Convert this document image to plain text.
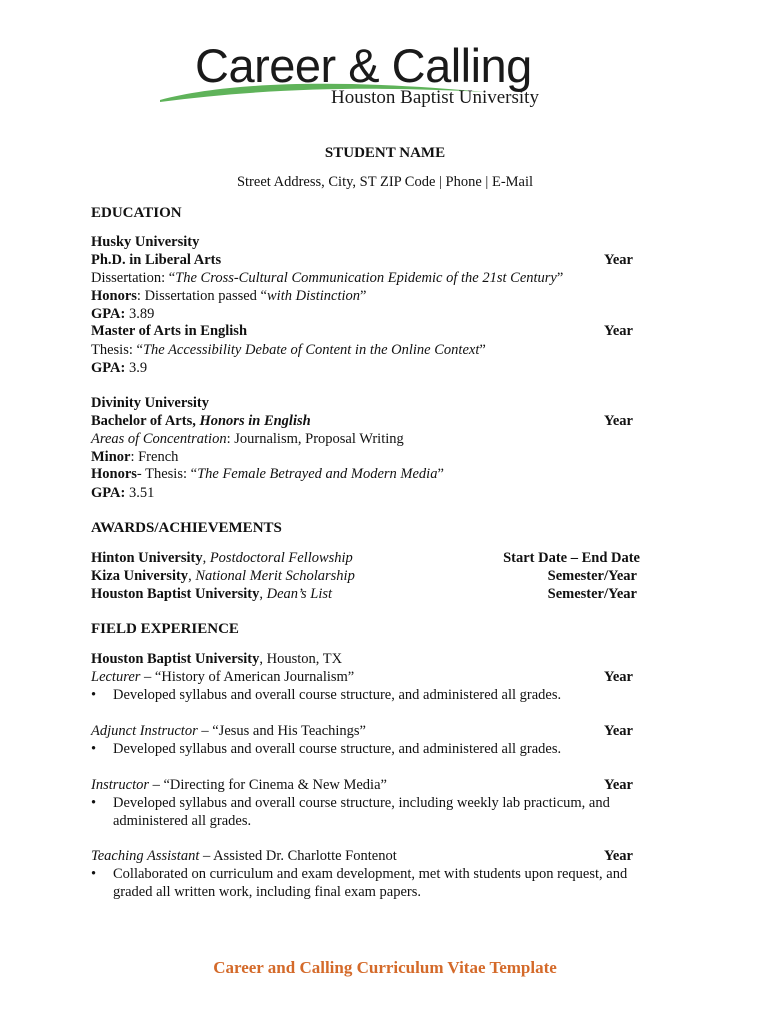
Career & Calling
Houston Baptist University
STUDENT NAME
Street Address, City, ST ZIP Code | Phone | E-Mail
EDUCATION
Husky University
Ph.D. in Liberal Arts	Year
Dissertation: “The Cross-Cultural Communication Epidemic of the 21st Century”
Honors: Dissertation passed “with Distinction”
GPA: 3.89
Master of Arts in English	Year
Thesis: “The Accessibility Debate of Content in the Online Context”
GPA: 3.9
Divinity University
Bachelor of Arts, Honors in English	Year
Areas of Concentration: Journalism, Proposal Writing
Minor: French
Honors- Thesis: “The Female Betrayed and Modern Media”
GPA: 3.51
AWARDS/ACHIEVEMENTS
Hinton University, Postdoctoral Fellowship	Start Date – End Date
Kiza University, National Merit Scholarship	Semester/Year
Houston Baptist University, Dean’s List	Semester/Year
FIELD EXPERIENCE
Houston Baptist University, Houston, TX
Lecturer – “History of American Journalism”	Year
• Developed syllabus and overall course structure, and administered all grades.
Adjunct Instructor – “Jesus and His Teachings”	Year
• Developed syllabus and overall course structure, and administered all grades.
Instructor – “Directing for Cinema & New Media”	Year
• Developed syllabus and overall course structure, including weekly lab practicum, and administered all grades.
Teaching Assistant – Assisted Dr. Charlotte Fontenot	Year
• Collaborated on curriculum and exam development, met with students upon request, and graded all written work, including final exam papers.
Career and Calling Curriculum Vitae Template
